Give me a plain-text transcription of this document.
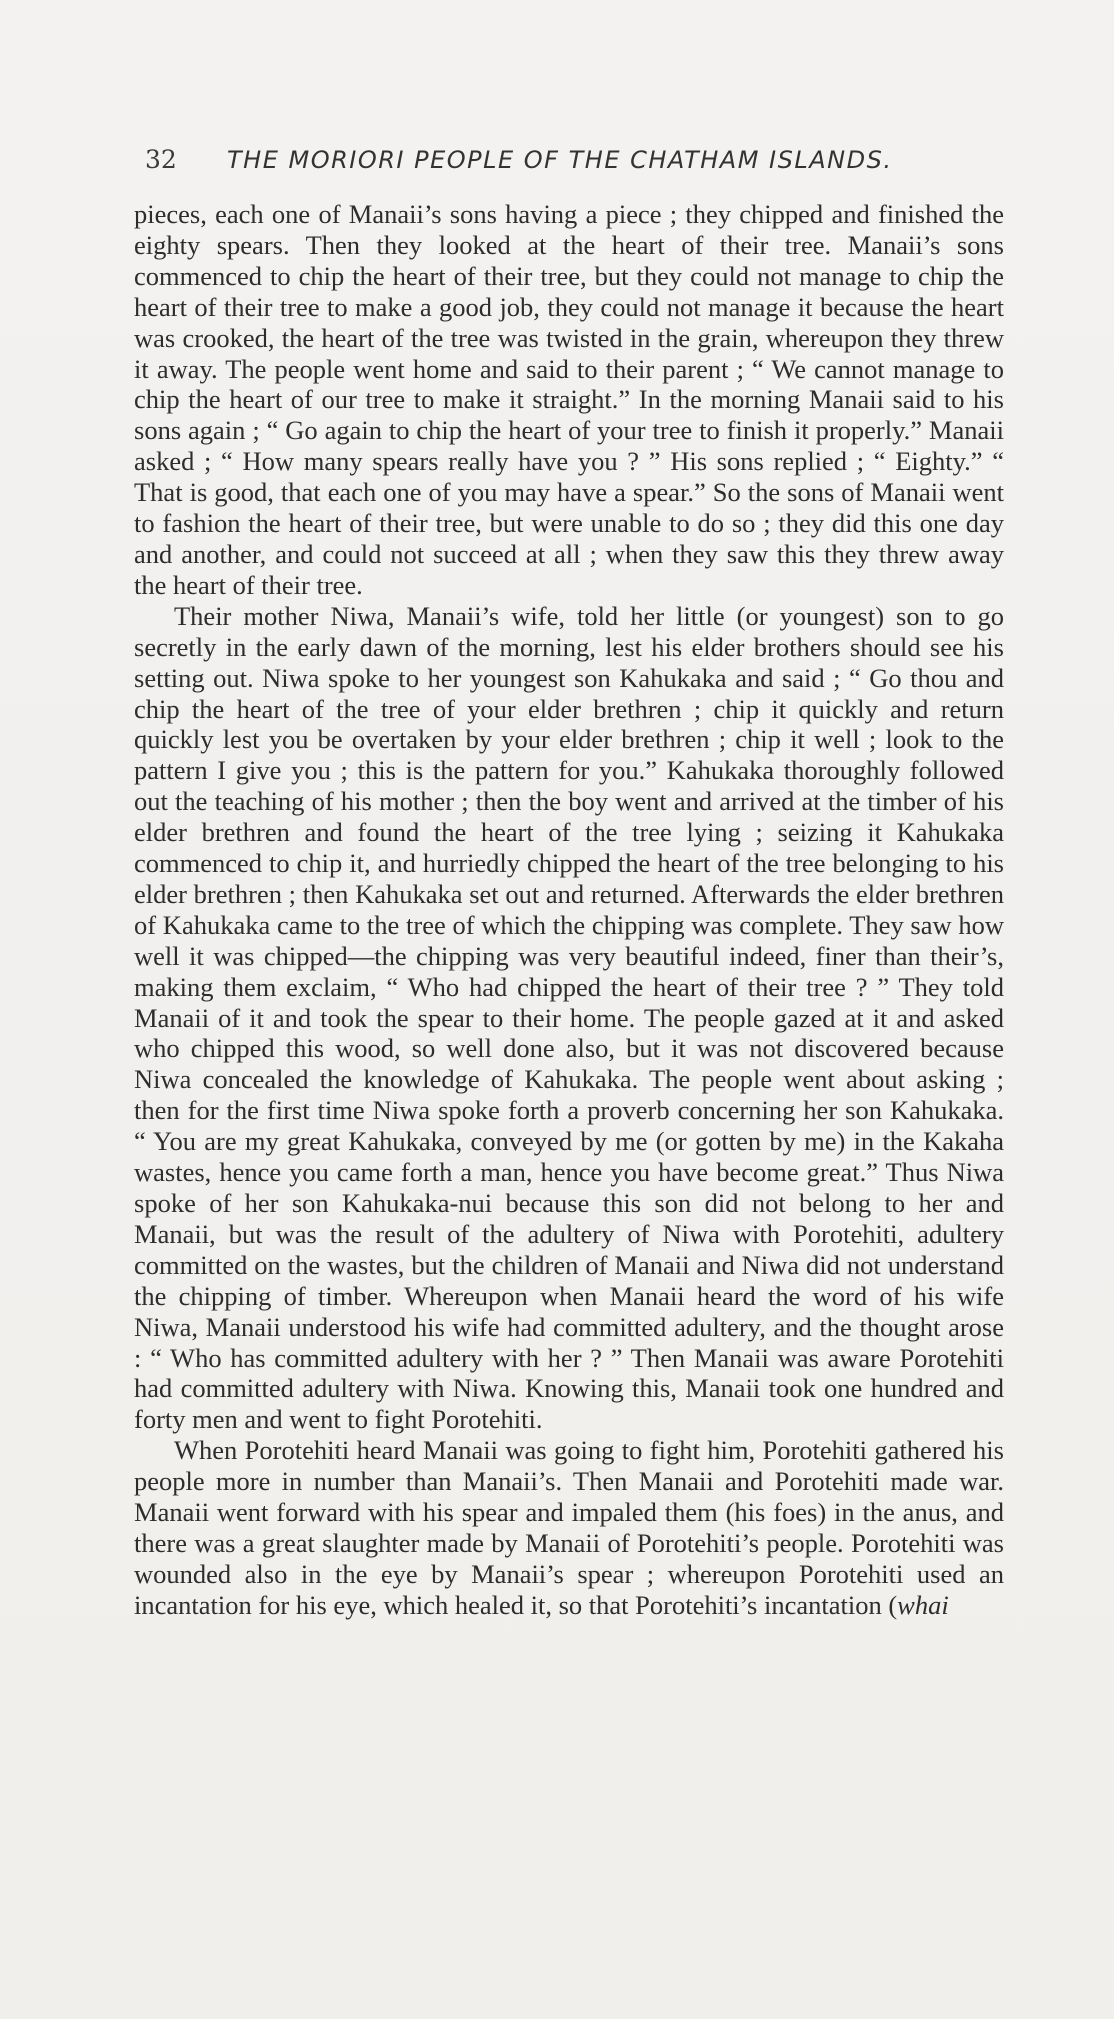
32 THE MORIORI PEOPLE OF THE CHATHAM ISLANDS.

pieces, each one of Manaii’s sons having a piece ; they chipped and finished the eighty spears. Then they looked at the heart of their tree. Manaii’s sons commenced to chip the heart of their tree, but they could not manage to chip the heart of their tree to make a good job, they could not manage it because the heart was crooked, the heart of the tree was twisted in the grain, whereupon they threw it away. The people went home and said to their parent ; “ We cannot manage to chip the heart of our tree to make it straight.” In the morning Manaii said to his sons again ; “ Go again to chip the heart of your tree to finish it properly.” Manaii asked ; “ How many spears really have you ? ” His sons replied ; “ Eighty.” “ That is good, that each one of you may have a spear.” So the sons of Manaii went to fashion the heart of their tree, but were unable to do so ; they did this one day and another, and could not succeed at all ; when they saw this they threw away the heart of their tree.

Their mother Niwa, Manaii’s wife, told her little (or youngest) son to go secretly in the early dawn of the morning, lest his elder brothers should see his setting out. Niwa spoke to her youngest son Kahukaka and said ; “ Go thou and chip the heart of the tree of your elder brethren ; chip it quickly and return quickly lest you be overtaken by your elder brethren ; chip it well ; look to the pattern I give you ; this is the pattern for you.” Kahukaka thoroughly followed out the teaching of his mother ; then the boy went and arrived at the timber of his elder brethren and found the heart of the tree lying ; seizing it Kahukaka commenced to chip it, and hurriedly chipped the heart of the tree belonging to his elder brethren ; then Kahukaka set out and returned. Afterwards the elder brethren of Kahukaka came to the tree of which the chipping was complete. They saw how well it was chipped—the chipping was very beautiful indeed, finer than their’s, making them exclaim, “ Who had chipped the heart of their tree ? ” They told Manaii of it and took the spear to their home. The people gazed at it and asked who chipped this wood, so well done also, but it was not discovered because Niwa concealed the knowledge of Kahukaka. The people went about asking ; then for the first time Niwa spoke forth a proverb concerning her son Kahukaka. “ You are my great Kahukaka, conveyed by me (or gotten by me) in the Kakaha wastes, hence you came forth a man, hence you have become great.” Thus Niwa spoke of her son Kahukaka-nui because this son did not belong to her and Manaii, but was the result of the adultery of Niwa with Porotehiti, adultery committed on the wastes, but the children of Manaii and Niwa did not understand the chipping of timber. Whereupon when Manaii heard the word of his wife Niwa, Manaii understood his wife had committed adultery, and the thought arose : “ Who has committed adultery with her ? ” Then Manaii was aware Porotehiti had committed adultery with Niwa. Knowing this, Manaii took one hundred and forty men and went to fight Porotehiti.

When Porotehiti heard Manaii was going to fight him, Porotehiti gathered his people more in number than Manaii’s. Then Manaii and Porotehiti made war. Manaii went forward with his spear and impaled them (his foes) in the anus, and there was a great slaughter made by Manaii of Porotehiti’s people. Porotehiti was wounded also in the eye by Manaii’s spear ; whereupon Porotehiti used an incantation for his eye, which healed it, so that Porotehiti’s incantation (whai
